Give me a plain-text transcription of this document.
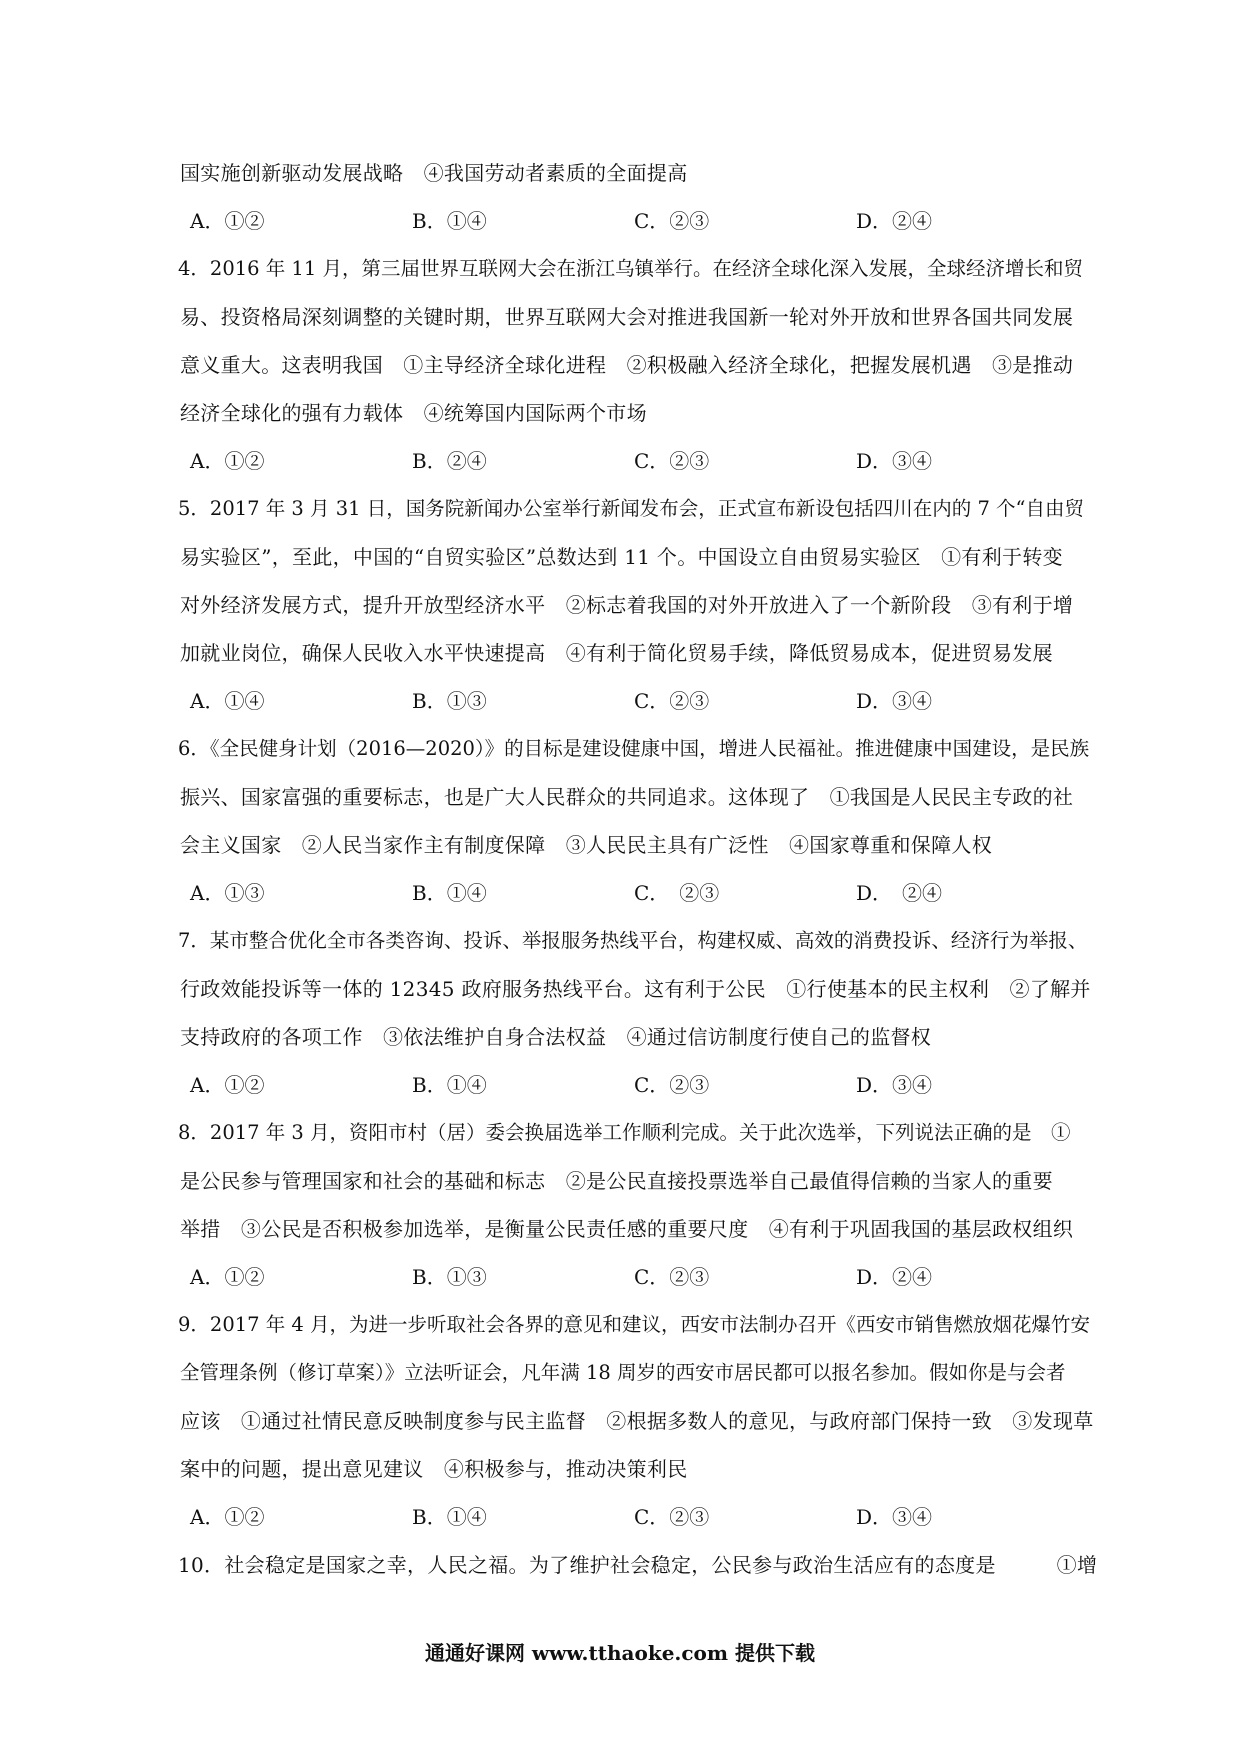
国实施创新驱动发展战略　④我国劳动者素质的全面提高
A．①②	B．①④	C．②③	D．②④
4．2016 年 11 月，第三届世界互联网大会在浙江乌镇举行。在经济全球化深入发展，全球经济增长和贸
易、投资格局深刻调整的关键时期，世界互联网大会对推进我国新一轮对外开放和世界各国共同发展
意义重大。这表明我国　①主导经济全球化进程　②积极融入经济全球化，把握发展机遇　③是推动
经济全球化的强有力载体　④统筹国内国际两个市场
A．①②	B．②④	C．②③	D．③④
5．2017 年 3 月 31 日，国务院新闻办公室举行新闻发布会，正式宣布新设包括四川在内的 7 个“自由贸
易实验区”，至此，中国的“自贸实验区”总数达到 11 个。中国设立自由贸易实验区　①有利于转变
对外经济发展方式，提升开放型经济水平　②标志着我国的对外开放进入了一个新阶段　③有利于增
加就业岗位，确保人民收入水平快速提高　④有利于简化贸易手续，降低贸易成本，促进贸易发展
A．①④	B．①③	C．②③	D．③④
6．《全民健身计划（2016—2020）》的目标是建设健康中国，增进人民福祉。推进健康中国建设，是民族
振兴、国家富强的重要标志，也是广大人民群众的共同追求。这体现了　①我国是人民民主专政的社
会主义国家　②人民当家作主有制度保障　③人民民主具有广泛性　④国家尊重和保障人权
A．①③	B．①④	C．　②③	D．　②④
7．某市整合优化全市各类咨询、投诉、举报服务热线平台，构建权威、高效的消费投诉、经济行为举报、
行政效能投诉等一体的 12345 政府服务热线平台。这有利于公民　①行使基本的民主权利　②了解并
支持政府的各项工作　③依法维护自身合法权益　④通过信访制度行使自己的监督权
A．①②	B．①④	C．②③	D．③④
8．2017 年 3 月，资阳市村（居）委会换届选举工作顺利完成。关于此次选举，下列说法正确的是　①
是公民参与管理国家和社会的基础和标志　②是公民直接投票选举自己最值得信赖的当家人的重要
举措　③公民是否积极参加选举，是衡量公民责任感的重要尺度　④有利于巩固我国的基层政权组织
A．①②	B．①③	C．②③	D．②④
9．2017 年 4 月，为进一步听取社会各界的意见和建议，西安市法制办召开《西安市销售燃放烟花爆竹安
全管理条例（修订草案）》立法听证会，凡年满 18 周岁的西安市居民都可以报名参加。假如你是与会者
应该　①通过社情民意反映制度参与民主监督　②根据多数人的意见，与政府部门保持一致　③发现草
案中的问题，提出意见建议　④积极参与，推动决策利民
A．①②	B．①④	C．②③	D．③④
10．社会稳定是国家之幸，人民之福。为了维护社会稳定，公民参与政治生活应有的态度是　　　①增
通通好课网 www.tthaoke.com 提供下载
